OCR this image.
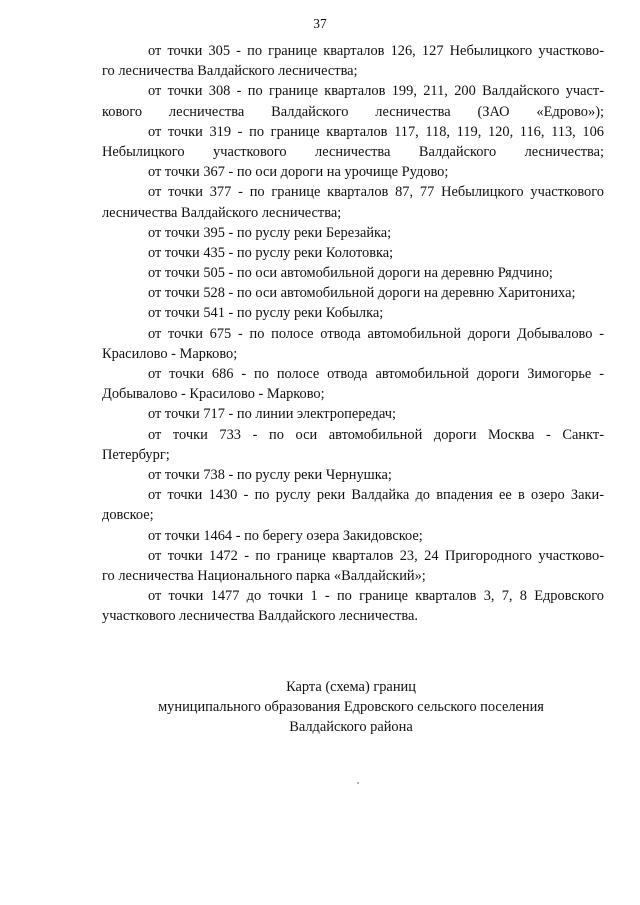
37
от точки 305 - по границе кварталов 126, 127 Небылицкого участково-
го лесничества Валдайского лесничества;
от точки 308 - по границе кварталов 199, 211, 200 Валдайского участ-
кового лесничества Валдайского лесничества (ЗАО «Едрово»);
от точки 319 - по границе кварталов 117, 118, 119, 120, 116, 113, 106
Небылицкого участкового лесничества Валдайского лесничества;
от точки 367 - по оси дороги на урочище Рудово;
от точки 377 - по границе кварталов 87, 77 Небылицкого участкового
лесничества Валдайского лесничества;
от точки 395 - по руслу реки Березайка;
от точки 435 - по руслу реки Колотовка;
от точки 505 - по оси автомобильной дороги на деревню Рядчино;
от точки 528 - по оси автомобильной дороги на деревню Харитониха;
от точки 541 - по руслу реки Кобылка;
от точки 675 - по полосе отвода автомобильной дороги Добывалово -
Красилово - Марково;
от точки 686 - по полосе отвода автомобильной дороги Зимогорье -
Добывалово - Красилово - Марково;
от точки 717 - по линии электропередач;
от точки 733 - по оси автомобильной дороги Москва - Санкт-
Петербург;
от точки 738 - по руслу реки Чернушка;
от точки 1430 - по руслу реки Валдайка до впадения ее в озеро Заки-
довское;
от точки 1464 - по берегу озера Закидовское;
от точки 1472 - по границе кварталов 23, 24 Пригородного участково-
го лесничества Национального парка «Валдайский»;
от точки 1477 до точки 1 - по границе кварталов 3, 7, 8 Едровского
участкового лесничества Валдайского лесничества.
Карта (схема) границ
муниципального образования Едровского сельского поселения
Валдайского района
